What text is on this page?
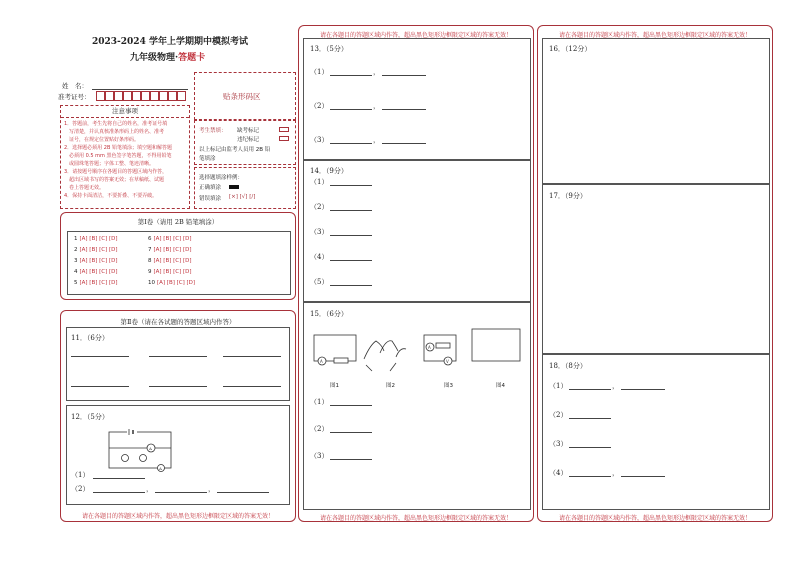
2023-2024 学年上学期期中模拟考试
九年级物理·答题卡
姓　名：
准考证号：	贴条形码区
注意事项
1．答题前，考生先将自己的姓名，准考证号填
　写清楚，并认真核准条形码上的姓名、准考
　证号，在规定位置贴好条形码。
2．选择题必须用 2B 铅笔填涂；填空题和解答题
　必须用 0.5 mm 黑色签字笔答题，不得用铅笔
　或圆珠笔答题；字体工整、笔迹清晰。
3．请按题号顺序在各题目的答题区域内作答，
　超出区域书写的答案无效；在草稿纸、试题
　卷上答题无效。
4．保持卡面清洁，不要折叠、不要弄破。
考生禁填： 缺考标记
违纪标记
以上标记由监考人员用 2B 铅
笔填涂
选择题填涂样例：
正确填涂
错误填涂 [×] [√] [/]
第Ⅰ卷（请用 2B 铅笔填涂）
1 [A] [B] [C] [D]
2 [A] [B] [C] [D]
3 [A] [B] [C] [D]
4 [A] [B] [C] [D]
5 [A] [B] [C] [D]
6 [A] [B] [C] [D]
7 [A] [B] [C] [D]
8 [A] [B] [C] [D]
9 [A] [B] [C] [D]
10 [A] [B] [C] [D]
第Ⅱ卷（请在各试题的答题区域内作答）
11．（6分）
12．（5分）
A
A
（1）
（2）	，	，
请在各题目的答题区域内作答，超出黑色矩形边框限定区域的答案无效！
请在各题目的答题区域内作答，超出黑色矩形边框限定区域的答案无效！
13．（5分）
（1）	，
（2）	，
（3）	，
14．（9分）
（1）
（2）
（3）
（4）
（5）
15．（6分）
A
A
V
图1	图2	图3	图4
（1）
（2）
（3）
请在各题目的答题区域内作答，超出黑色矩形边框限定区域的答案无效！
请在各题目的答题区域内作答，超出黑色矩形边框限定区域的答案无效！
16．（12分）
17．（9分）
18．（8分）
（1）	，
（2）
（3）
（4）	，
请在各题目的答题区域内作答，超出黑色矩形边框限定区域的答案无效！
